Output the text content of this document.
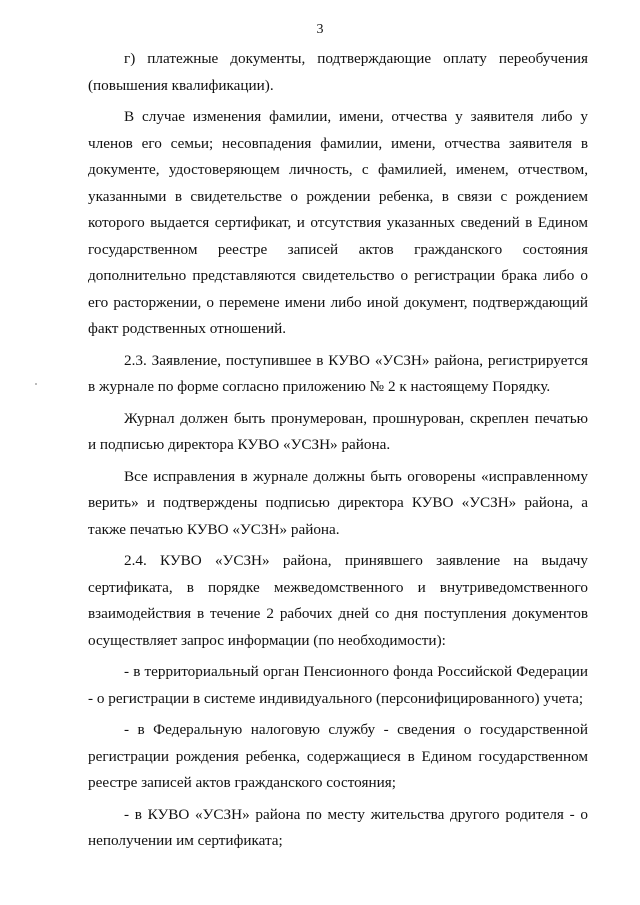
3

г) платежные документы, подтверждающие оплату переобучения (повышения квалификации).

В случае изменения фамилии, имени, отчества у заявителя либо у членов его семьи; несовпадения фамилии, имени, отчества заявителя в документе, удостоверяющем личность, с фамилией, именем, отчеством, указанными в свидетельстве о рождении ребенка, в связи с рождением которого выдается сертификат, и отсутствия указанных сведений в Едином государственном реестре записей актов гражданского состояния дополнительно представляются свидетельство о регистрации брака либо о его расторжении, о перемене имени либо иной документ, подтверждающий факт родственных отношений.

2.3. Заявление, поступившее в КУВО «УСЗН» района, регистрируется в журнале по форме согласно приложению № 2 к настоящему Порядку.

Журнал должен быть пронумерован, прошнурован, скреплен печатью и подписью директора КУВО «УСЗН» района.

Все исправления в журнале должны быть оговорены «исправленному верить» и подтверждены подписью директора КУВО «УСЗН» района, а также печатью КУВО «УСЗН» района.

2.4. КУВО «УСЗН» района, принявшего заявление на выдачу сертификата, в порядке межведомственного и внутриведомственного взаимодействия в течение 2 рабочих дней со дня поступления документов осуществляет запрос информации (по необходимости):

- в территориальный орган Пенсионного фонда Российской Федерации - о регистрации в системе индивидуального (персонифицированного) учета;

- в Федеральную налоговую службу - сведения о государственной регистрации рождения ребенка, содержащиеся в Едином государственном реестре записей актов гражданского состояния;

- в КУВО «УСЗН» района по месту жительства другого родителя - о неполучении им сертификата;
